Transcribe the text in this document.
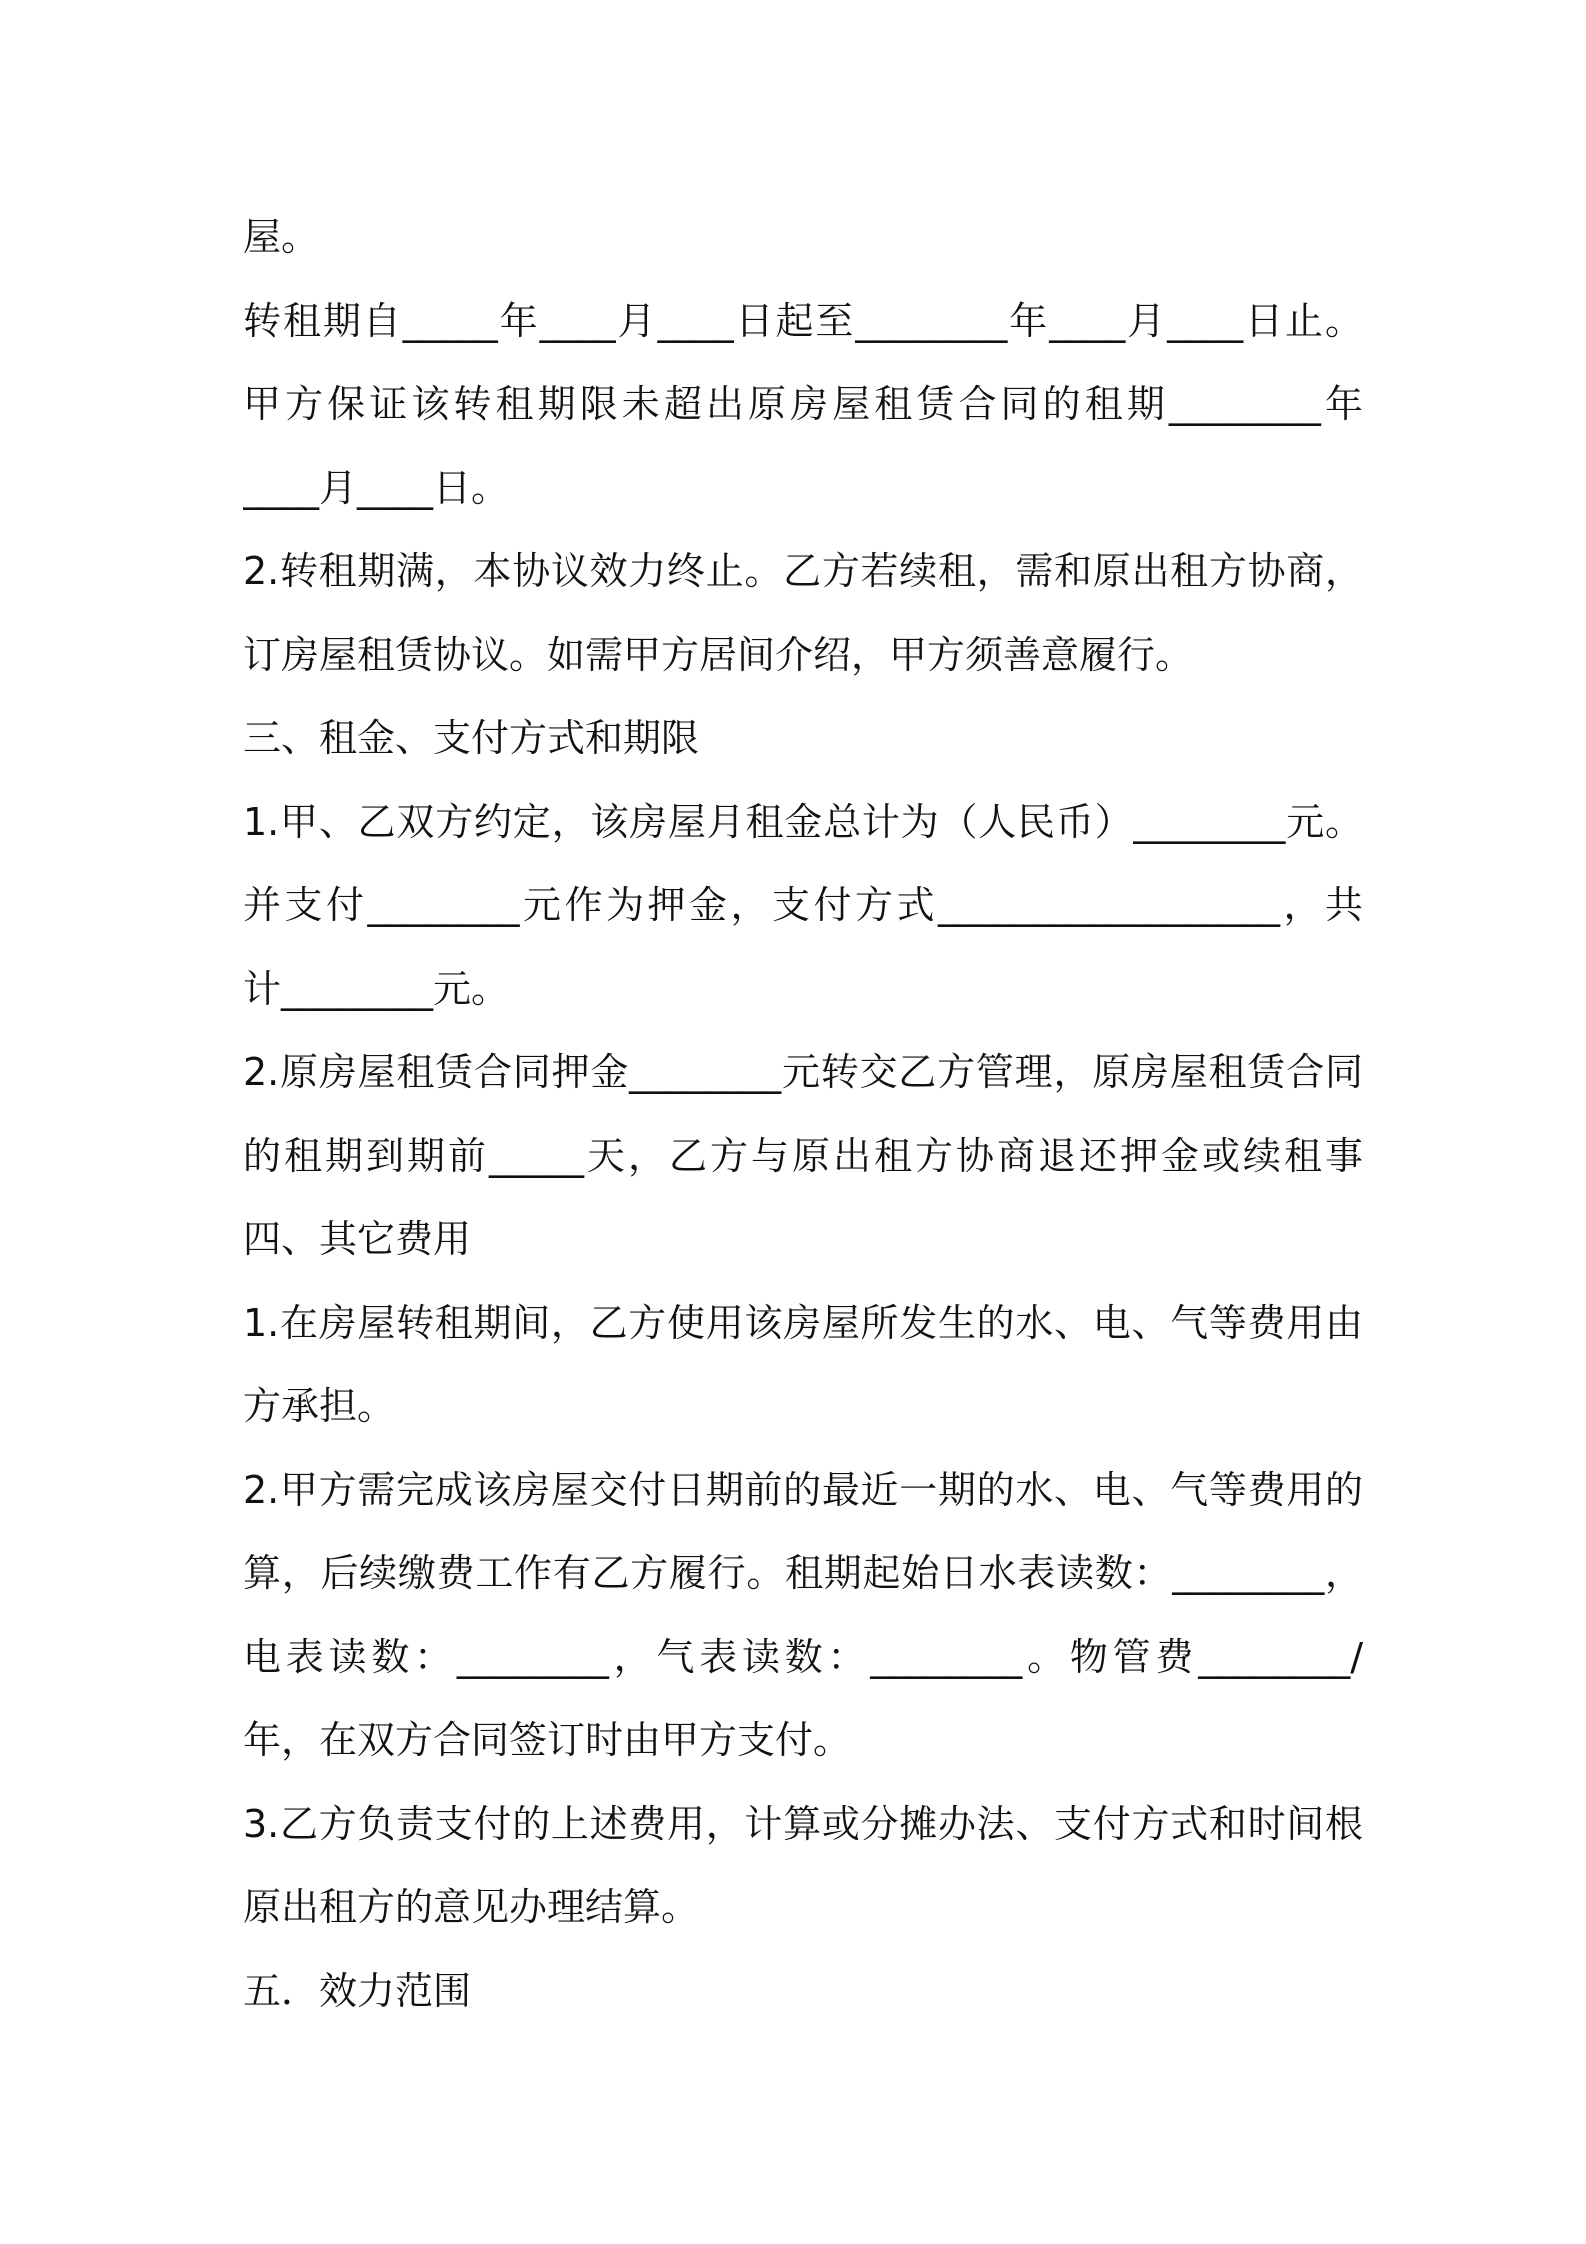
屋。
转租期自_____年____月____日起至________年____月____日止。
甲方保证该转租期限未超出原房屋租赁合同的租期________年
____月____日。
2.转租期满，本协议效力终止。乙方若续租，需和原出租方协商，
订房屋租赁协议。如需甲方居间介绍，甲方须善意履行。
三、租金、支付方式和期限
1.甲、乙双方约定，该房屋月租金总计为（人民币）________元。
并支付________元作为押金，支付方式__________________，共
计________元。
2.原房屋租赁合同押金________元转交乙方管理，原房屋租赁合同
的租期到期前_____天，乙方与原出租方协商退还押金或续租事
四、其它费用
1.在房屋转租期间，乙方使用该房屋所发生的水、电、气等费用由
方承担。
2.甲方需完成该房屋交付日期前的最近一期的水、电、气等费用的
算，后续缴费工作有乙方履行。租期起始日水表读数：________，
电表读数：________，气表读数：________。物管费________/
年，在双方合同签订时由甲方支付。
3.乙方负责支付的上述费用，计算或分摊办法、支付方式和时间根
原出租方的意见办理结算。
五．效力范围
